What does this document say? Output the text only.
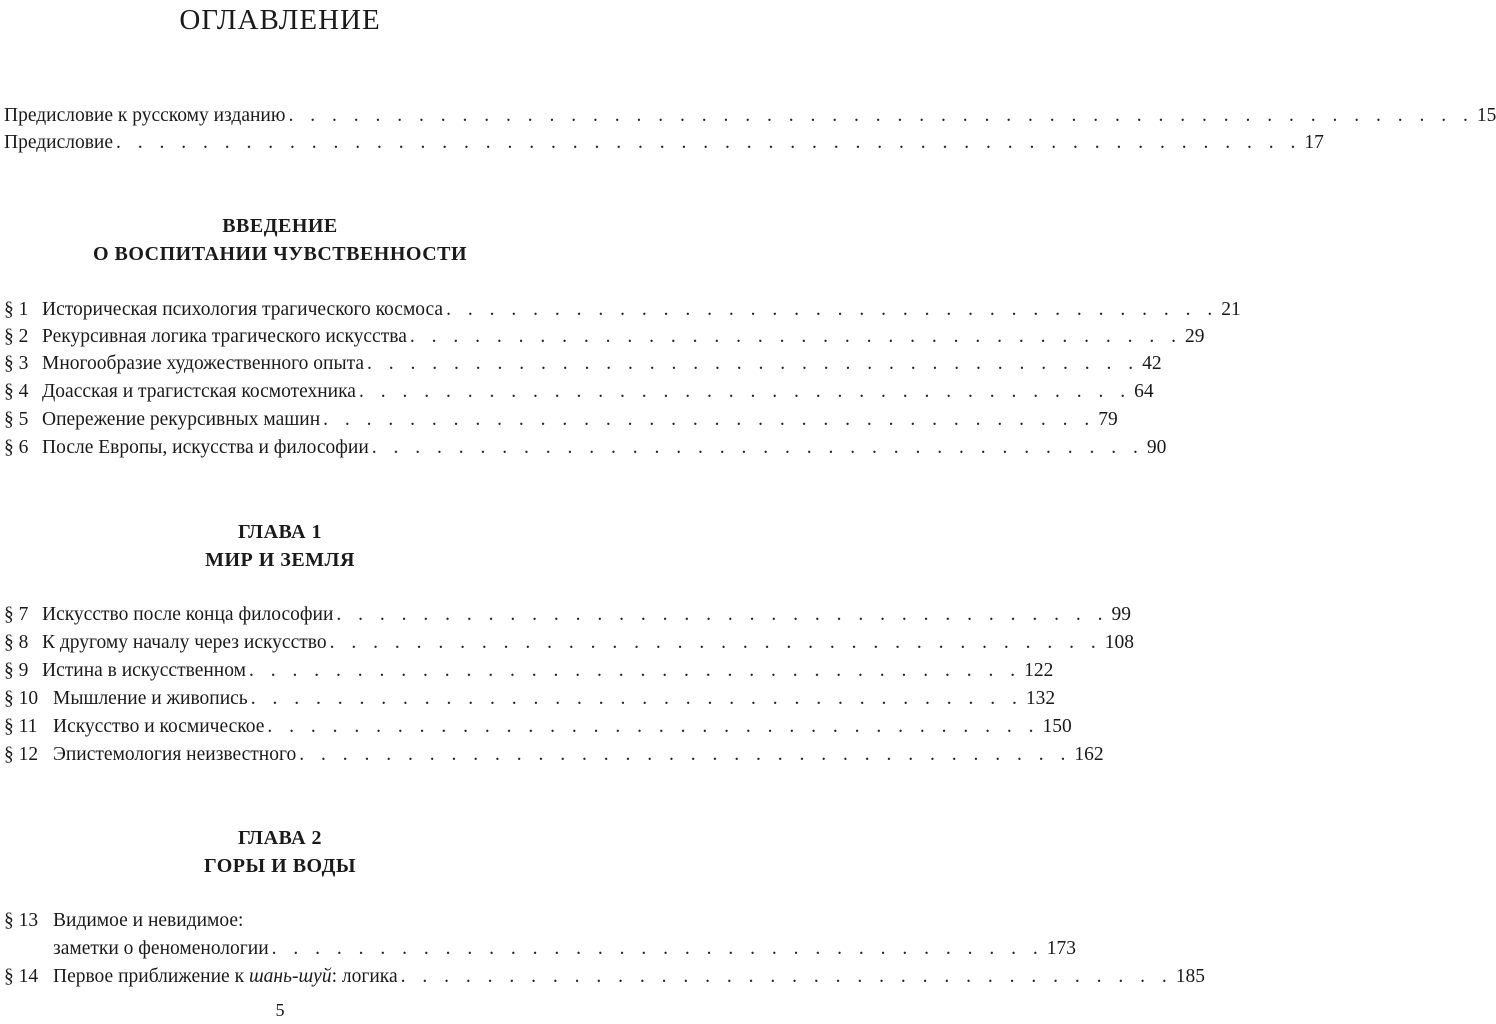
ОГЛАВЛЕНИЕ
Предисловие к русскому изданию . . . . . . . . . . . . . . . . . . . . . . . . . . . . . . . . . . . . . . . . . . . . . . . . . . . . . . . 15
Предисловие . . . . . . . . . . . . . . . . . . . . . . . . . . . . . . . . . . . . . . . . . . . . . . . . . . . . . . . 17
ВВЕДЕНИЕ
О ВОСПИТАНИИ ЧУВСТВЕННОСТИ
§ 1 Историческая психология трагического космоса . . . . . . . . . . . . . . . . . . . . . . . . . . . . . . . . . . . . 21
§ 2 Рекурсивная логика трагического искусства . . . . . . . . . . . . . . . . . . . . . . . . . . . . . . . . . . . . 29
§ 3 Многообразие художественного опыта . . . . . . . . . . . . . . . . . . . . . . . . . . . . . . . . . . . . 42
§ 4 Доасская и трагистская космотехника . . . . . . . . . . . . . . . . . . . . . . . . . . . . . . . . . . . . 64
§ 5 Опережение рекурсивных машин . . . . . . . . . . . . . . . . . . . . . . . . . . . . . . . . . . . . 79
§ 6 После Европы, искусства и философии . . . . . . . . . . . . . . . . . . . . . . . . . . . . . . . . . . . . 90
ГЛАВА 1
МИР И ЗЕМЛЯ
§ 7 Искусство после конца философии . . . . . . . . . . . . . . . . . . . . . . . . . . . . . . . . . . . . 99
§ 8 К другому началу через искусство . . . . . . . . . . . . . . . . . . . . . . . . . . . . . . . . . . . . 108
§ 9 Истина в искусственном . . . . . . . . . . . . . . . . . . . . . . . . . . . . . . . . . . . . 122
§ 10 Мышление и живопись . . . . . . . . . . . . . . . . . . . . . . . . . . . . . . . . . . . . 132
§ 11 Искусство и космическое . . . . . . . . . . . . . . . . . . . . . . . . . . . . . . . . . . . . 150
§ 12 Эпистемология неизвестного . . . . . . . . . . . . . . . . . . . . . . . . . . . . . . . . . . . . 162
ГЛАВА 2
ГОРЫ И ВОДЫ
§ 13 Видимое и невидимое:
заметки о феноменологии . . . . . . . . . . . . . . . . . . . . . . . . . . . . . . . . . . . . 173
§ 14 Первое приближение к шань-шуй: логика . . . . . . . . . . . . . . . . . . . . . . . . . . . . . . . . . . . . 185
5
